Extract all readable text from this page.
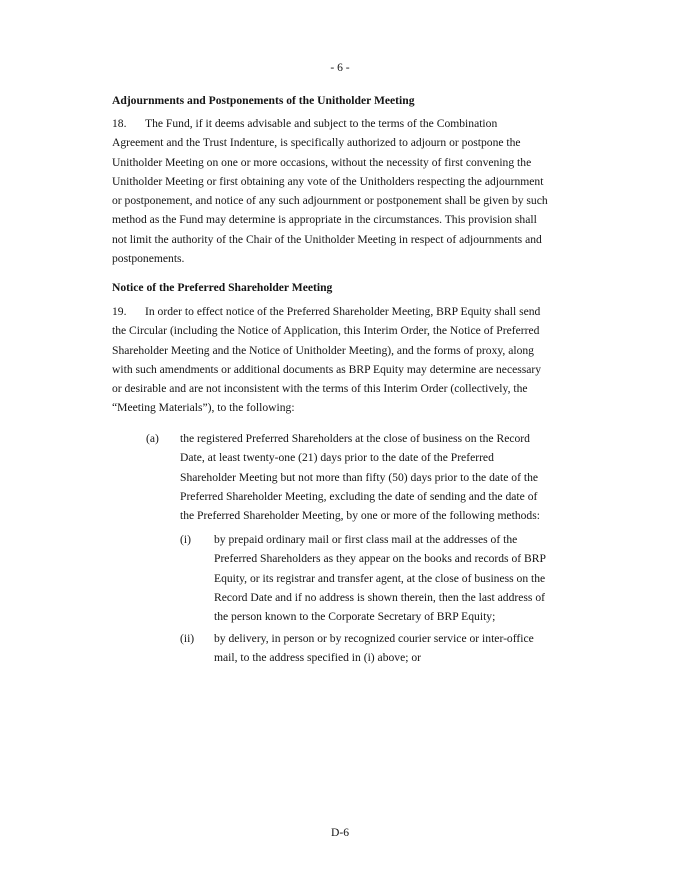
- 6 -
Adjournments and Postponements of the Unitholder Meeting
18. The Fund, if it deems advisable and subject to the terms of the Combination
Agreement and the Trust Indenture, is specifically authorized to adjourn or postpone the
Unitholder Meeting on one or more occasions, without the necessity of first convening the
Unitholder Meeting or first obtaining any vote of the Unitholders respecting the adjournment
or postponement, and notice of any such adjournment or postponement shall be given by such
method as the Fund may determine is appropriate in the circumstances. This provision shall
not limit the authority of the Chair of the Unitholder Meeting in respect of adjournments and
postponements.
Notice of the Preferred Shareholder Meeting
19. In order to effect notice of the Preferred Shareholder Meeting, BRP Equity shall send
the Circular (including the Notice of Application, this Interim Order, the Notice of Preferred
Shareholder Meeting and the Notice of Unitholder Meeting), and the forms of proxy, along
with such amendments or additional documents as BRP Equity may determine are necessary
or desirable and are not inconsistent with the terms of this Interim Order (collectively, the
“Meeting Materials”), to the following:
(a) the registered Preferred Shareholders at the close of business on the Record
Date, at least twenty-one (21) days prior to the date of the Preferred
Shareholder Meeting but not more than fifty (50) days prior to the date of the
Preferred Shareholder Meeting, excluding the date of sending and the date of
the Preferred Shareholder Meeting, by one or more of the following methods:
(i) by prepaid ordinary mail or first class mail at the addresses of the
Preferred Shareholders as they appear on the books and records of BRP
Equity, or its registrar and transfer agent, at the close of business on the
Record Date and if no address is shown therein, then the last address of
the person known to the Corporate Secretary of BRP Equity;
(ii) by delivery, in person or by recognized courier service or inter-office
mail, to the address specified in (i) above; or
D-6
